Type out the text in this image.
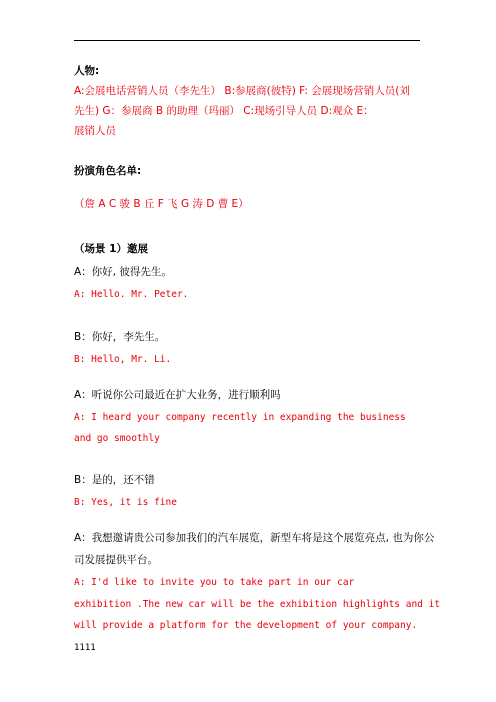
人物:
A:会展电话营销人员（李先生） B:参展商(彼特) F: 会展现场营销人员(刘
先生) G：参展商 B 的助理（玛丽） C:现场引导人员 D:观众 E：
展销人员
扮演角色名单:
（詹 A C 骏 B 丘 F 飞 G 涛 D 曹 E）
（场景 1）邀展
A：你好, 彼得先生。
A: Hello. Mr. Peter.
B：你好，李先生。
B: Hello, Mr. Li.
A：听说你公司最近在扩大业务，进行顺利吗
A: I heard your company recently in expanding the business
and go smoothly
B：是的，还不错
B: Yes, it is fine
A：我想邀请贵公司参加我们的汽车展览，新型车将是这个展览亮点, 也为你公
司发展提供平台。
A: I'd like to invite you to take part in our car
exhibition .The new car will be the exhibition highlights and it
will provide a platform for the development of your company.
1111
